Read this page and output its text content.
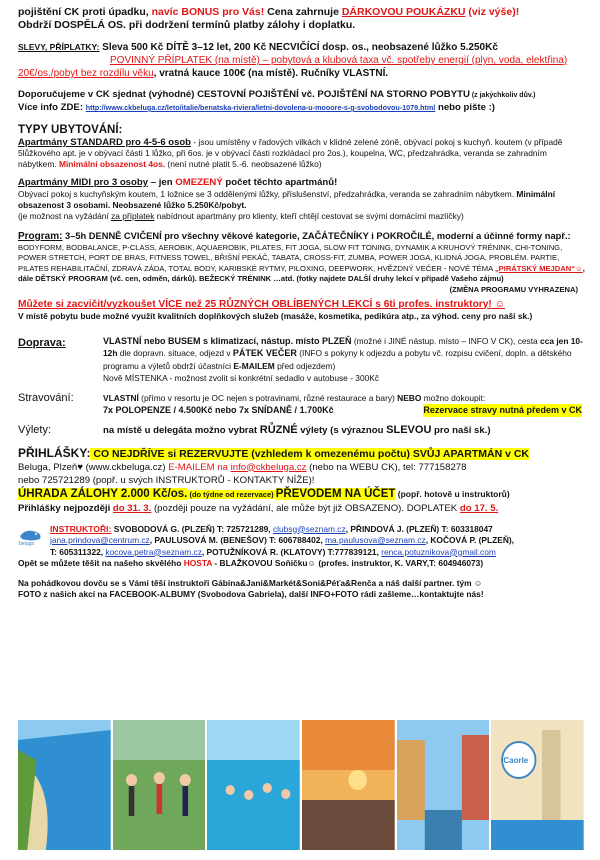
pojištění CK proti úpadku, navíc BONUS pro Vás! Cena zahrnuje DÁRKOVOU POUKÁZKU (viz výše)!
Obdrží DOSPĚLÁ OS. při dodržení termínů platby zálohy i doplatku.
SLEVY, PŘÍPLATKY: Sleva 500 Kč DÍTĚ 3–12 let, 200 Kč NECVIČÍCÍ dosp. os., neobsazené lůžko 5.250Kč
POVINNÝ PŘÍPLATEK (na místě) – pobytová a klubová taxa vč. spotřeby energií (plyn, voda, elektřina) 20€/os./pobyt bez rozdílu věku, vratná kauce 100€ (na místě). Ručníky VLASTNÍ.
Doporučujeme v CK sjednat (výhodné) CESTOVNÍ POJIŠTĚNÍ vč. POJIŠTĚNÍ NA STORNO POBYTU (z jakýchkoliv dův.)
Více info ZDE: http://www.ckbeluga.cz/leto/italie/benatska-riviera/letni-dovolena-u-mooore-s-g-svobodovou-1079.html nebo pište :)
TYPY UBYTOVÁNÍ:
Apartmány STANDARD pro 4-5-6 osob - jsou umístěny v řadových vilkách v klidné zelené zóně, obývací pokoj s kuchyň. koutem (v případě 5lůžkového apt. je v obývací části 1 lůžko, při 6os. je v obývací části rozkládací pro 2os.), koupelna, WC, předzahrádka, veranda se zahradním nábytkem. Minimální obsazenost 4os. (není nutné platit 5.-6. neobsazené lůžko)
Apartmány MIDI pro 3 osoby – jen OMEZENÝ počet těchto apartmánů!
Obývací pokoj s kuchyňským koutem, 1 ložnice se 3 oddělenými lůžky, příslušenství, předzahrádka, veranda se zahradním nábytkem. Minimální obsazenost 3 osobami. Neobsazené lůžko 5.250Kč/pobyt.
(je možnost na vyžádání za příplatek nabídnout apartmány pro klienty, kteří chtějí cestovat se svými domácími mazlíčky)
Program: 3–5h DENNĚ CVIČENÍ pro všechny věkové kategorie, ZAČÁTEČNÍKY i POKROČILÉ, moderní a účinné formy např.: BODYFORM, BODBALANCE, P-CLASS, AEROBIK, AQUAEROBIK, PILATES, FIT JOGA, SLOW FIT TONING, DYNAMIK A KRUHOVÝ TRÉNINK, CHI-TONING, POWER STRETCH, PORT DE BRAS, FITNESS TOWEL, BŘIŠNÍ PEKÁČ, TABATA, CROSS-FIT, ZUMBA, POWER JOGA, KLIDNÁ JOGA, PROBLÉM. PARTIE, PILATES REHABILITAČNÍ, ZDRAVÁ ZÁDA, TOTAL BODY, KARIBSKÉ RYTMY, PILOXING, DEEPWORK, HVĚZDNÝ VEČER - NOVÉ TÉMA „PIRÁTSKÝ MEJDAN“☺, dále DĚTSKÝ PROGRAM (vč. cen, odměn, dárků). BEŽECKÝ TRÉNINK …atd. (fotky najdete DALŠÍ druhy lekcí v případě Vašeho zájmu)
(ZMĚNA PROGRAMU VYHRAZENA)
Můžete si zacvičit/vyzkoušet VÍCE než 25 RŮZNÝCH OBLÍBENÝCH LEKCÍ s 6ti profes. instruktory! ☺
V místě pobytu bude možné využít kvalitních doplňkových služeb (masáže, kosmetika, pedikúra atp., za výhod. ceny pro naši sk.)
Doprava:	VLASTNÍ nebo BUSEM s klimatizací, nástup. místo PLZEŇ (možné i JINÉ nástup. místo – INFO V CK), cesta cca jen 10-12h dle dopravn. situace, odjezd v PÁTEK VEČER (INFO s pokyny k odjezdu a pobytu vč. rozpisu cvičení, dopln. a dětského programu a výletů obdrží účastníci E-MAILEM před odjezdem)
Nově MÍSTENKA - možnost zvolit si konkrétní sedadlo v autobuse - 300Kč
Stravování:	VLASTNÍ (přímo v resortu je OC nejen s potravinami, různé restaurace a bary) NEBO možno dokoupit:
7x POLOPENZE / 4.500Kč nebo 7x SNÍDANĚ / 1.700Kč	Rezervace stravy nutná předem v CK
Výlety:	na místě u delegáta možno vybrat RŮZNÉ výlety (s výraznou SLEVOU pro naši sk.)
PŘIHLÁŠKY: CO NEJDŘÍVE si REZERVUJTE (vzhledem k omezenému počtu) SVŮJ APARTMÁN v CK
Beluga, Plzeň♥ (www.ckbeluga.cz) E-MAILEM na info@ckbeluga.cz (nebo na WEBU CK), tel: 777158278
nebo 725721289 (popř. u svých INSTRUKTORŮ - KONTAKTY NÍŽE)!
ÚHRADA ZÁLOHY 2.000 Kč/os. (do týdne od rezervace) PŘEVODEM NA ÚČET (popř. hotově u instruktorů)
Přihlášky nejpozději do 31. 3. (později pouze na vyžádání, ale může být již OBSAZENO). DOPLATEK do 17. 5.
beluga
INSTRUKTOŘI: SVOBODOVÁ G. (PLZEŇ) T: 725721289, clubsg@seznam.cz, PŘINDOVÁ J. (PLZEŇ) T: 603318047
jana.prindova@centrum.cz, PAULUSOVÁ M. (BENEŠOV) T: 606788402, ma.paulusova@seznam.cz, KOČOVÁ P. (PLZEŇ),
T: 605311322, kocova.petra@seznam.cz, POTUŽNÍKOVÁ R. (KLATOVY) T:777839121, renca.potuznikova@gmail.com
Opět se můžete těšit na našeho skvělého HOSTA - BLAŽKOVOU Soňičku☺ (profes. instruktor, K. VARY,T: 604946073)
Na pohádkovou dovču se s Vámi těší instruktoři Gábina&Jani&Markét&Soni&Péťa&Renča a náš další partner. tým ☺
FOTO z našich akcí na FACEBOOK-ALBUMY (Svobodova Gabriela), další INFO+FOTO rádi zašleme…kontaktujte nás!
Caorle
